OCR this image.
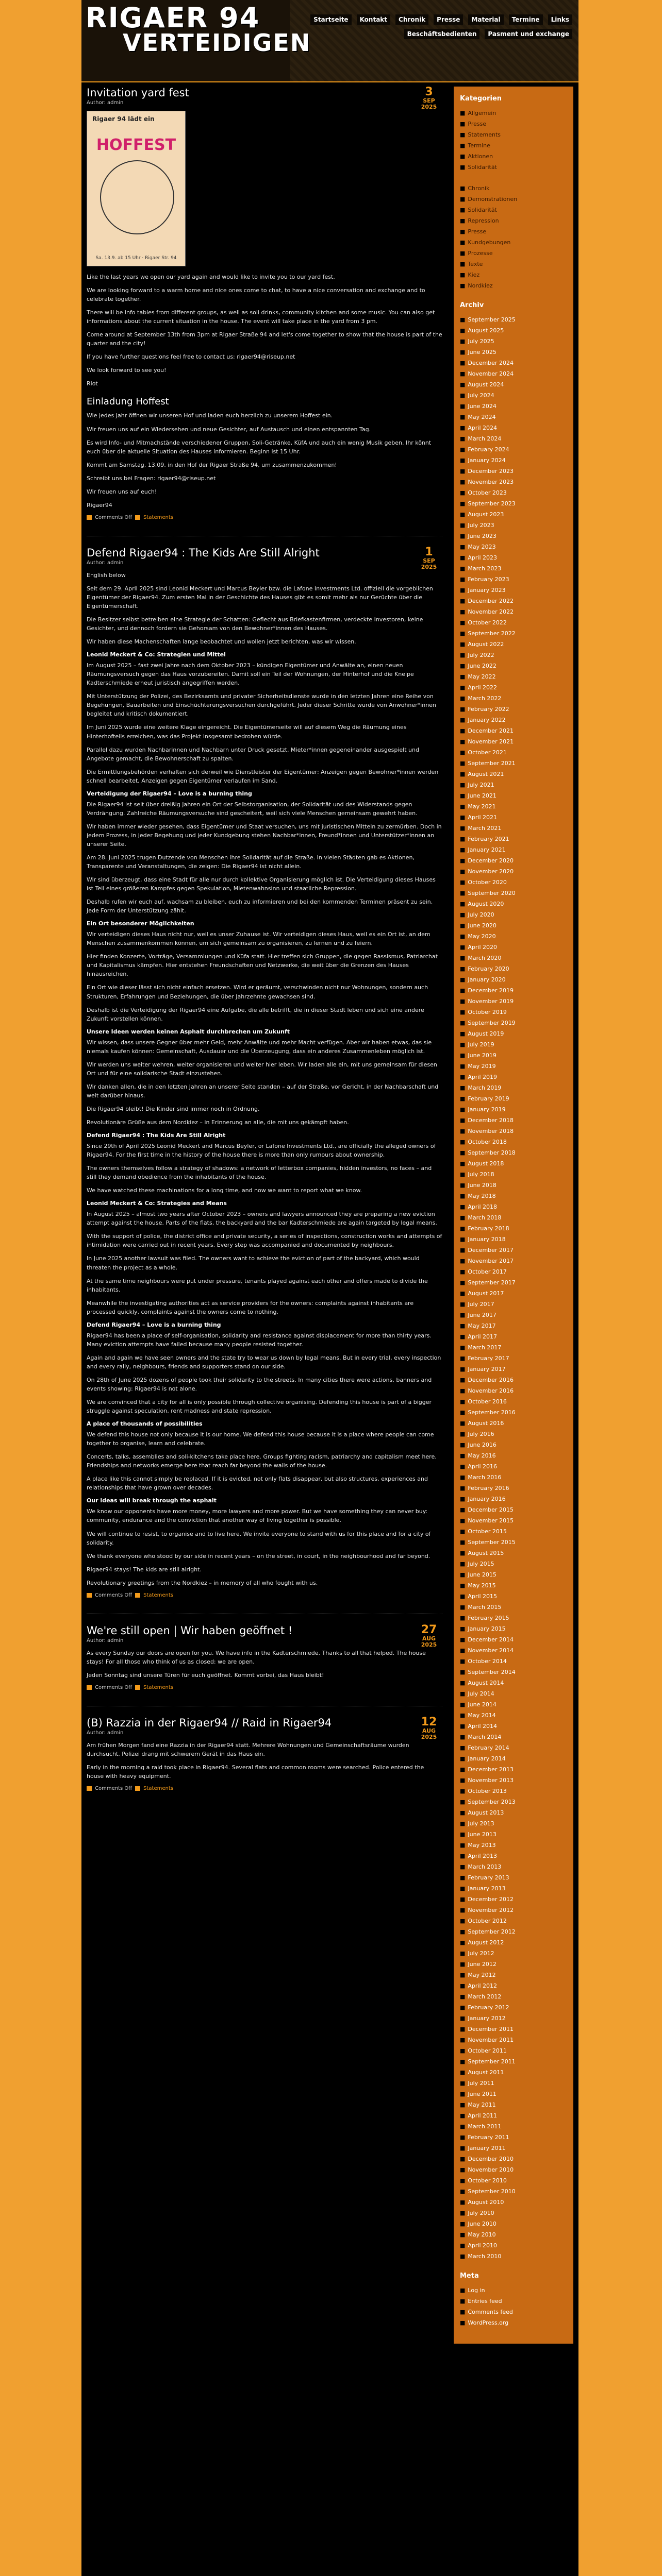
RIGAER 94
VERTEIDIGEN
Startseite	Kontakt	Chronik	Presse	Material	Termine	Links
Beschäftsbedienten	Pasment und exchange
3
SEP
2025
Invitation yard fest
Author: admin
Rigaer 94 lädt ein
HOFFEST
Sa. 13.9. ab 15 Uhr · Rigaer Str. 94

Like the last years we open our yard again and would like to invite you to our yard fest.

We are looking forward to a warm home and nice ones come to chat, to have a nice conversation and exchange and to celebrate together.

There will be info tables from different groups, as well as soli drinks, community kitchen and some music. You can also get informations about the current situation in the house. The event will take place in the yard from 3 pm.

Come around at September 13th from 3pm at Rigaer Straße 94 and let's come together to show that the house is part of the quarter and the city!

If you have further questions feel free to contact us: rigaer94@riseup.net

We look forward to see you!

Riot

Einladung Hoffest

Wie jedes Jahr öffnen wir unseren Hof und laden euch herzlich zu unserem Hoffest ein.

Wir freuen uns auf ein Wiedersehen und neue Gesichter, auf Austausch und einen entspannten Tag.

Es wird Info- und Mitmachstände verschiedener Gruppen, Soli-Getränke, KüfA und auch ein wenig Musik geben. Ihr könnt euch über die aktuelle Situation des Hauses informieren. Beginn ist 15 Uhr.

Kommt am Samstag, 13.09. in den Hof der Rigaer Straße 94, um zusammenzukommen!

Schreibt uns bei Fragen: rigaer94@riseup.net

Wir freuen uns auf euch!

Rigaer94

Comments Off Statements
1
SEP
2025
Defend Rigaer94 : The Kids Are Still Alright
Author: admin

English below

Seit dem 29. April 2025 sind Leonid Meckert und Marcus Beyler bzw. die Lafone Investments Ltd. offiziell die vorgeblichen Eigentümer der Rigaer94. Zum ersten Mal in der Geschichte des Hauses gibt es somit mehr als nur Gerüchte über die Eigentümerschaft.

Die Besitzer selbst betreiben eine Strategie der Schatten: Geflecht aus Briefkastenfirmen, verdeckte Investoren, keine Gesichter, und dennoch fordern sie Gehorsam von den Bewohner*innen des Hauses.

Wir haben diese Machenschaften lange beobachtet und wollen jetzt berichten, was wir wissen.

Leonid Meckert & Co: Strategien und Mittel

Im August 2025 – fast zwei Jahre nach dem Oktober 2023 – kündigen Eigentümer und Anwälte an, einen neuen Räumungsversuch gegen das Haus vorzubereiten. Damit soll ein Teil der Wohnungen, der Hinterhof und die Kneipe Kadterschmiede erneut juristisch angegriffen werden.

Mit Unterstützung der Polizei, des Bezirksamts und privater Sicherheitsdienste wurde in den letzten Jahren eine Reihe von Begehungen, Bauarbeiten und Einschüchterungsversuchen durchgeführt. Jeder dieser Schritte wurde von Anwohner*innen begleitet und kritisch dokumentiert.

Im Juni 2025 wurde eine weitere Klage eingereicht. Die Eigentümerseite will auf diesem Weg die Räumung eines Hinterhofteils erreichen, was das Projekt insgesamt bedrohen würde.

Parallel dazu wurden Nachbarinnen und Nachbarn unter Druck gesetzt, Mieter*innen gegeneinander ausgespielt und Angebote gemacht, die Bewohnerschaft zu spalten.

Die Ermittlungsbehörden verhalten sich derweil wie Dienstleister der Eigentümer: Anzeigen gegen Bewohner*innen werden schnell bearbeitet, Anzeigen gegen Eigentümer verlaufen im Sand.

Verteidigung der Rigaer94 – Love is a burning thing

Die Rigaer94 ist seit über dreißig Jahren ein Ort der Selbstorganisation, der Solidarität und des Widerstands gegen Verdrängung. Zahlreiche Räumungsversuche sind gescheitert, weil sich viele Menschen gemeinsam gewehrt haben.

Wir haben immer wieder gesehen, dass Eigentümer und Staat versuchen, uns mit juristischen Mitteln zu zermürben. Doch in jedem Prozess, in jeder Begehung und jeder Kundgebung stehen Nachbar*innen, Freund*innen und Unterstützer*innen an unserer Seite.

Am 28. Juni 2025 trugen Dutzende von Menschen ihre Solidarität auf die Straße. In vielen Städten gab es Aktionen, Transparente und Veranstaltungen, die zeigen: Die Rigaer94 ist nicht allein.

Wir sind überzeugt, dass eine Stadt für alle nur durch kollektive Organisierung möglich ist. Die Verteidigung dieses Hauses ist Teil eines größeren Kampfes gegen Spekulation, Mietenwahnsinn und staatliche Repression.

Deshalb rufen wir euch auf, wachsam zu bleiben, euch zu informieren und bei den kommenden Terminen präsent zu sein. Jede Form der Unterstützung zählt.

Ein Ort besonderer Möglichkeiten

Wir verteidigen dieses Haus nicht nur, weil es unser Zuhause ist. Wir verteidigen dieses Haus, weil es ein Ort ist, an dem Menschen zusammenkommen können, um sich gemeinsam zu organisieren, zu lernen und zu feiern.

Hier finden Konzerte, Vorträge, Versammlungen und Küfa statt. Hier treffen sich Gruppen, die gegen Rassismus, Patriarchat und Kapitalismus kämpfen. Hier entstehen Freundschaften und Netzwerke, die weit über die Grenzen des Hauses hinausreichen.

Ein Ort wie dieser lässt sich nicht einfach ersetzen. Wird er geräumt, verschwinden nicht nur Wohnungen, sondern auch Strukturen, Erfahrungen und Beziehungen, die über Jahrzehnte gewachsen sind.

Deshalb ist die Verteidigung der Rigaer94 eine Aufgabe, die alle betrifft, die in dieser Stadt leben und sich eine andere Zukunft vorstellen können.

Unsere Ideen werden keinen Asphalt durchbrechen um Zukunft

Wir wissen, dass unsere Gegner über mehr Geld, mehr Anwälte und mehr Macht verfügen. Aber wir haben etwas, das sie niemals kaufen können: Gemeinschaft, Ausdauer und die Überzeugung, dass ein anderes Zusammenleben möglich ist.

Wir werden uns weiter wehren, weiter organisieren und weiter hier leben. Wir laden alle ein, mit uns gemeinsam für diesen Ort und für eine solidarische Stadt einzustehen.

Wir danken allen, die in den letzten Jahren an unserer Seite standen – auf der Straße, vor Gericht, in der Nachbarschaft und weit darüber hinaus.

Die Rigaer94 bleibt! Die Kinder sind immer noch in Ordnung.

Revolutionäre Grüße aus dem Nordkiez – in Erinnerung an alle, die mit uns gekämpft haben.

Defend Rigaer94 : The Kids Are Still Alright

Since 29th of April 2025 Leonid Meckert and Marcus Beyler, or Lafone Investments Ltd., are officially the alleged owners of Rigaer94. For the first time in the history of the house there is more than only rumours about ownership.

The owners themselves follow a strategy of shadows: a network of letterbox companies, hidden investors, no faces – and still they demand obedience from the inhabitants of the house.

We have watched these machinations for a long time, and now we want to report what we know.

Leonid Meckert & Co: Strategies and Means

In August 2025 – almost two years after October 2023 – owners and lawyers announced they are preparing a new eviction attempt against the house. Parts of the flats, the backyard and the bar Kadterschmiede are again targeted by legal means.

With the support of police, the district office and private security, a series of inspections, construction works and attempts of intimidation were carried out in recent years. Every step was accompanied and documented by neighbours.

In June 2025 another lawsuit was filed. The owners want to achieve the eviction of part of the backyard, which would threaten the project as a whole.

At the same time neighbours were put under pressure, tenants played against each other and offers made to divide the inhabitants.

Meanwhile the investigating authorities act as service providers for the owners: complaints against inhabitants are processed quickly, complaints against the owners come to nothing.

Defend Rigaer94 – Love is a burning thing

Rigaer94 has been a place of self-organisation, solidarity and resistance against displacement for more than thirty years. Many eviction attempts have failed because many people resisted together.

Again and again we have seen owners and the state try to wear us down by legal means. But in every trial, every inspection and every rally, neighbours, friends and supporters stand on our side.

On 28th of June 2025 dozens of people took their solidarity to the streets. In many cities there were actions, banners and events showing: Rigaer94 is not alone.

We are convinced that a city for all is only possible through collective organising. Defending this house is part of a bigger struggle against speculation, rent madness and state repression.

A place of thousands of possibilities

We defend this house not only because it is our home. We defend this house because it is a place where people can come together to organise, learn and celebrate.

Concerts, talks, assemblies and soli-kitchens take place here. Groups fighting racism, patriarchy and capitalism meet here. Friendships and networks emerge here that reach far beyond the walls of the house.

A place like this cannot simply be replaced. If it is evicted, not only flats disappear, but also structures, experiences and relationships that have grown over decades.

Our ideas will break through the asphalt

We know our opponents have more money, more lawyers and more power. But we have something they can never buy: community, endurance and the conviction that another way of living together is possible.

We will continue to resist, to organise and to live here. We invite everyone to stand with us for this place and for a city of solidarity.

We thank everyone who stood by our side in recent years – on the street, in court, in the neighbourhood and far beyond.

Rigaer94 stays! The kids are still alright.

Revolutionary greetings from the Nordkiez – in memory of all who fought with us.

Comments Off Statements
27
AUG
2025
We're still open | Wir haben geöffnet !
Author: admin

As every Sunday our doors are open for you. We have info in the Kadterschmiede. Thanks to all that helped. The house stays! For all those who think of us as closed: we are open.

Jeden Sonntag sind unsere Türen für euch geöffnet. Kommt vorbei, das Haus bleibt!

Comments Off Statements
12
AUG
2025
(B) Razzia in der Rigaer94 // Raid in Rigaer94
Author: admin

Am frühen Morgen fand eine Razzia in der Rigaer94 statt. Mehrere Wohnungen und Gemeinschaftsräume wurden durchsucht. Polizei drang mit schwerem Gerät in das Haus ein.

Early in the morning a raid took place in Rigaer94. Several flats and common rooms were searched. Police entered the house with heavy equipment.

Comments Off Statements
Kategorien
■ Allgemein
■ Presse
■ Statements
■ Termine
■ Aktionen
■ Solidarität
■ Chronik
■ Demonstrationen
■ Solidarität
■ Repression
■ Presse
■ Kundgebungen
■ Prozesse
■ Texte
■ Kiez
■ Nordkiez
Archiv
■ September 2025
■ August 2025
■ July 2025
■ June 2025
■ December 2024
■ November 2024
■ August 2024
■ July 2024
■ June 2024
■ May 2024
■ April 2024
■ March 2024
■ February 2024
■ January 2024
■ December 2023
■ November 2023
■ October 2023
■ September 2023
■ August 2023
■ July 2023
■ June 2023
■ May 2023
■ April 2023
■ March 2023
■ February 2023
■ January 2023
■ December 2022
■ November 2022
■ October 2022
■ September 2022
■ August 2022
■ July 2022
■ June 2022
■ May 2022
■ April 2022
■ March 2022
■ February 2022
■ January 2022
■ December 2021
■ November 2021
■ October 2021
■ September 2021
■ August 2021
■ July 2021
■ June 2021
■ May 2021
■ April 2021
■ March 2021
■ February 2021
■ January 2021
■ December 2020
■ November 2020
■ October 2020
■ September 2020
■ August 2020
■ July 2020
■ June 2020
■ May 2020
■ April 2020
■ March 2020
■ February 2020
■ January 2020
■ December 2019
■ November 2019
■ October 2019
■ September 2019
■ August 2019
■ July 2019
■ June 2019
■ May 2019
■ April 2019
■ March 2019
■ February 2019
■ January 2019
■ December 2018
■ November 2018
■ October 2018
■ September 2018
■ August 2018
■ July 2018
■ June 2018
■ May 2018
■ April 2018
■ March 2018
■ February 2018
■ January 2018
■ December 2017
■ November 2017
■ October 2017
■ September 2017
■ August 2017
■ July 2017
■ June 2017
■ May 2017
■ April 2017
■ March 2017
■ February 2017
■ January 2017
■ December 2016
■ November 2016
■ October 2016
■ September 2016
■ August 2016
■ July 2016
■ June 2016
■ May 2016
■ April 2016
■ March 2016
■ February 2016
■ January 2016
■ December 2015
■ November 2015
■ October 2015
■ September 2015
■ August 2015
■ July 2015
■ June 2015
■ May 2015
■ April 2015
■ March 2015
■ February 2015
■ January 2015
■ December 2014
■ November 2014
■ October 2014
■ September 2014
■ August 2014
■ July 2014
■ June 2014
■ May 2014
■ April 2014
■ March 2014
■ February 2014
■ January 2014
■ December 2013
■ November 2013
■ October 2013
■ September 2013
■ August 2013
■ July 2013
■ June 2013
■ May 2013
■ April 2013
■ March 2013
■ February 2013
■ January 2013
■ December 2012
■ November 2012
■ October 2012
■ September 2012
■ August 2012
■ July 2012
■ June 2012
■ May 2012
■ April 2012
■ March 2012
■ February 2012
■ January 2012
■ December 2011
■ November 2011
■ October 2011
■ September 2011
■ August 2011
■ July 2011
■ June 2011
■ May 2011
■ April 2011
■ March 2011
■ February 2011
■ January 2011
■ December 2010
■ November 2010
■ October 2010
■ September 2010
■ August 2010
■ July 2010
■ June 2010
■ May 2010
■ April 2010
■ March 2010
Meta
■ Log in
■ Entries feed
■ Comments feed
■ WordPress.org
